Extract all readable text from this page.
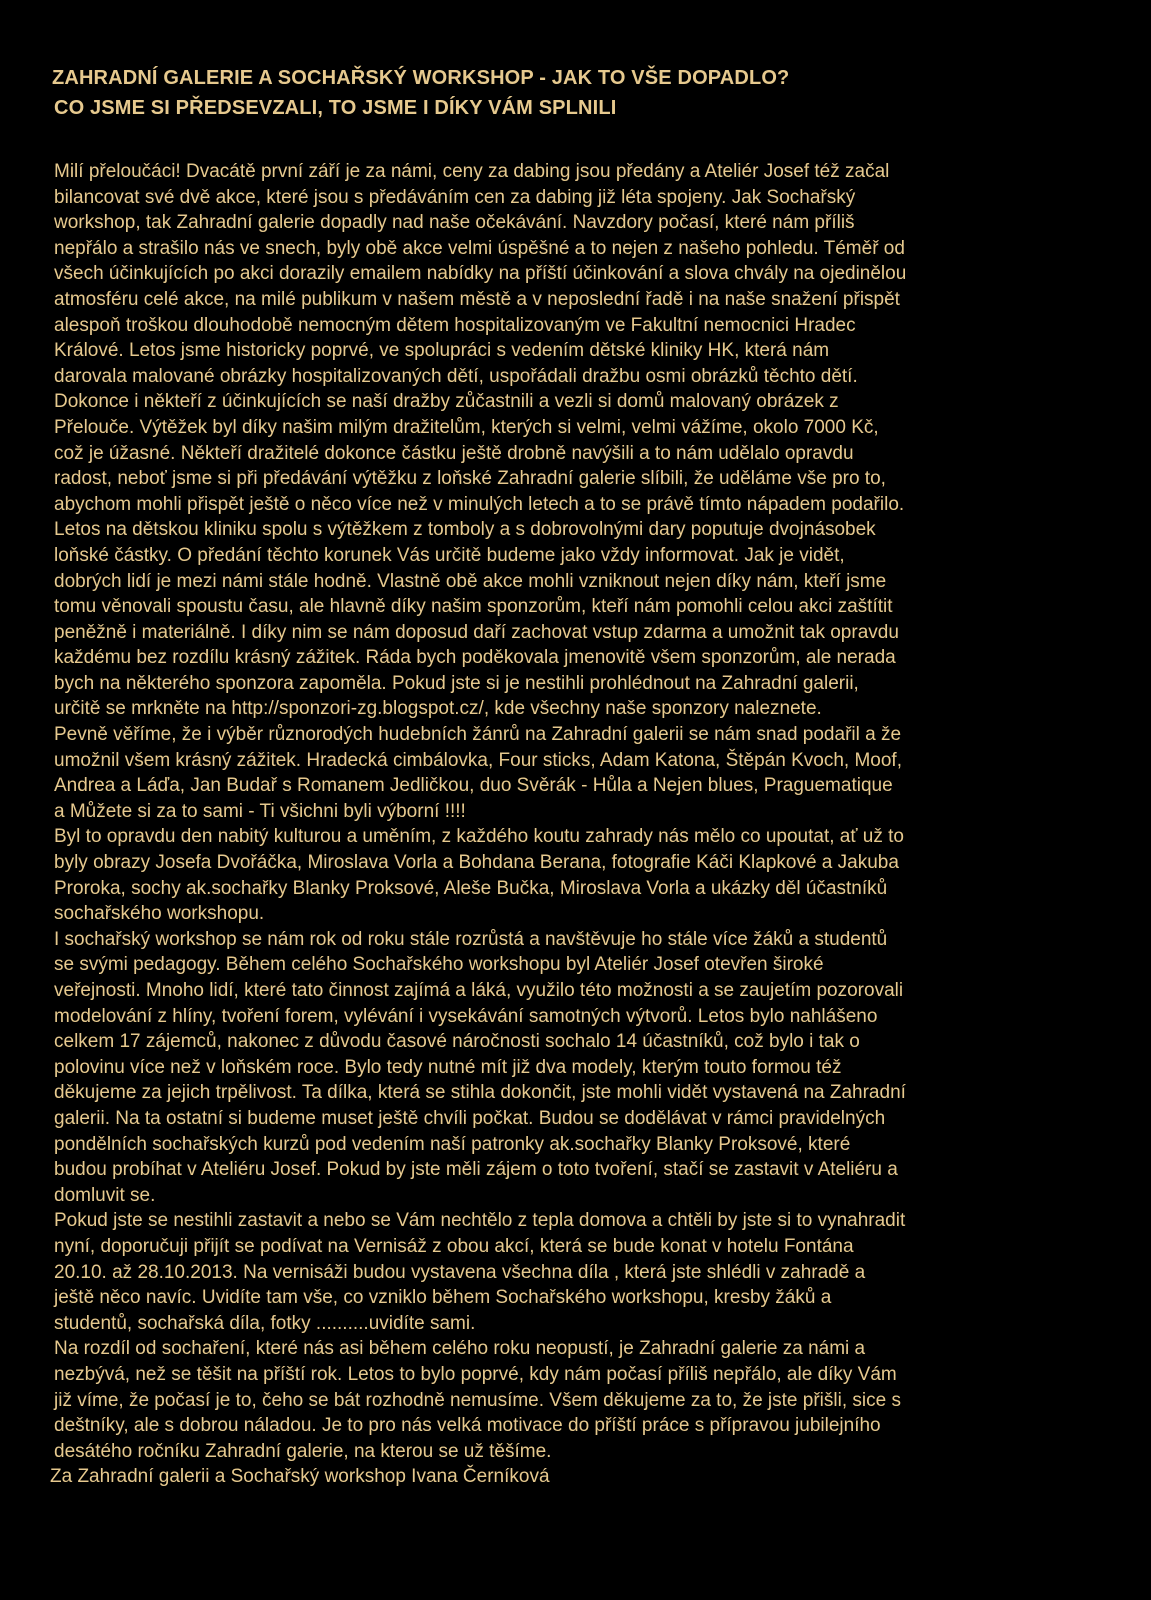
ZAHRADNÍ GALERIE A SOCHAŘSKÝ WORKSHOP - JAK TO VŠE DOPADLO?
CO JSME SI PŘEDSEVZALI, TO JSME I DÍKY VÁM SPLNILI
Milí přeloučáci! Dvacátě první září je za námi, ceny za dabing jsou předány a Ateliér Josef též začal
bilancovat své dvě akce, které jsou s předáváním cen za dabing již léta spojeny. Jak Sochařský
workshop, tak Zahradní galerie dopadly nad naše očekávání. Navzdory počasí, které nám příliš
nepřálo a strašilo nás ve snech, byly obě akce velmi úspěšné a to nejen z našeho pohledu. Téměř od
všech účinkujících po akci dorazily emailem nabídky na příští účinkování a slova chvály na ojedinělou
atmosféru celé akce, na milé publikum v našem městě a v neposlední řadě i na naše snažení přispět
alespoň troškou dlouhodobě nemocným dětem hospitalizovaným ve Fakultní nemocnici Hradec
Králové. Letos jsme historicky poprvé, ve spolupráci s vedením dětské kliniky HK, která nám
darovala malované obrázky hospitalizovaných dětí, uspořádali dražbu osmi obrázků těchto dětí.
Dokonce i někteří z účinkujících se naší dražby zůčastnili a vezli si domů malovaný obrázek z
Přelouče. Výtěžek byl díky našim milým dražitelům, kterých si velmi, velmi vážíme, okolo 7000 Kč,
což je úžasné. Někteří dražitelé dokonce částku ještě drobně navýšili a to nám udělalo opravdu
radost, neboť jsme si při předávání výtěžku z loňské Zahradní galerie slíbili, že uděláme vše pro to,
abychom mohli přispět ještě o něco více než v minulých letech a to se právě tímto nápadem podařilo.
Letos na dětskou kliniku spolu s výtěžkem z tomboly a s dobrovolnými dary poputuje dvojnásobek
loňské částky. O předání těchto korunek Vás určitě budeme jako vždy informovat. Jak je vidět,
dobrých lidí je mezi námi stále hodně. Vlastně obě akce mohli vzniknout nejen díky nám, kteří jsme
tomu věnovali spoustu času, ale hlavně díky našim sponzorům, kteří nám pomohli celou akci zaštítit
peněžně i materiálně. I díky nim se nám doposud daří zachovat vstup zdarma a umožnit tak opravdu
každému bez rozdílu krásný zážitek. Ráda bych poděkovala jmenovitě všem sponzorům, ale nerada
bych na některého sponzora zapoměla. Pokud jste si je nestihli prohlédnout na Zahradní galerii,
určitě se mrkněte na http://sponzori-zg.blogspot.cz/, kde všechny naše sponzory naleznete.
Pevně věříme, že i výběr různorodých hudebních žánrů na Zahradní galerii se nám snad podařil a že
umožnil všem krásný zážitek. Hradecká cimbálovka, Four sticks, Adam Katona, Štěpán Kvoch, Moof,
Andrea a Láďa, Jan Budař s Romanem Jedličkou, duo Svěrák - Hůla a Nejen blues, Praguematique
a Můžete si za to sami - Ti všichni byli výborní !!!!
Byl to opravdu den nabitý kulturou a uměním, z každého koutu zahrady nás mělo co upoutat, ať už to
byly obrazy Josefa Dvořáčka, Miroslava Vorla a Bohdana Berana, fotografie Káči Klapkové a Jakuba
Proroka, sochy ak.sochařky Blanky Proksové, Aleše Bučka, Miroslava Vorla a ukázky děl účastníků
sochařského workshopu.
I sochařský workshop se nám rok od roku stále rozrůstá a navštěvuje ho stále více žáků a studentů
se svými pedagogy. Během celého Sochařského workshopu byl Ateliér Josef otevřen široké
veřejnosti. Mnoho lidí, které tato činnost zajímá a láká, využilo této možnosti a se zaujetím pozorovali
modelování z hlíny, tvoření forem, vylévání i vysekávání samotných výtvorů. Letos bylo nahlášeno
celkem 17 zájemců, nakonec z důvodu časové náročnosti sochalo 14 účastníků, což bylo i tak o
polovinu více než v loňském roce. Bylo tedy nutné mít již dva modely, kterým touto formou též
děkujeme za jejich trpělivost. Ta dílka, která se stihla dokončit, jste mohli vidět vystavená na Zahradní
galerii. Na ta ostatní si budeme muset ještě chvíli počkat. Budou se dodělávat v rámci pravidelných
pondělních sochařských kurzů pod vedením naší patronky ak.sochařky Blanky Proksové, které
budou probíhat v Ateliéru Josef. Pokud by jste měli zájem o toto tvoření, stačí se zastavit v Ateliéru a
domluvit se.
Pokud jste se nestihli zastavit a nebo se Vám nechtělo z tepla domova a chtěli by jste si to vynahradit
nyní, doporučuji přijít se podívat na Vernisáž z obou akcí, která se bude konat v hotelu Fontána
20.10. až 28.10.2013. Na vernisáži budou vystavena všechna díla , která jste shlédli v zahradě a
ještě něco navíc. Uvidíte tam vše, co vzniklo během Sochařského workshopu, kresby žáků a
studentů, sochařská díla, fotky ..........uvidíte sami.
Na rozdíl od sochaření, které nás asi během celého roku neopustí, je Zahradní galerie za námi a
nezbývá, než se těšit na příští rok. Letos to bylo poprvé, kdy nám počasí příliš nepřálo, ale díky Vám
již víme, že počasí je to, čeho se bát rozhodně nemusíme. Všem děkujeme za to, že jste přišli, sice s
deštníky, ale s dobrou náladou. Je to pro nás velká motivace do příští práce s přípravou jubilejního
desátého ročníku Zahradní galerie, na kterou se už těšíme.
Za Zahradní galerii a Sochařský workshop Ivana Černíková
